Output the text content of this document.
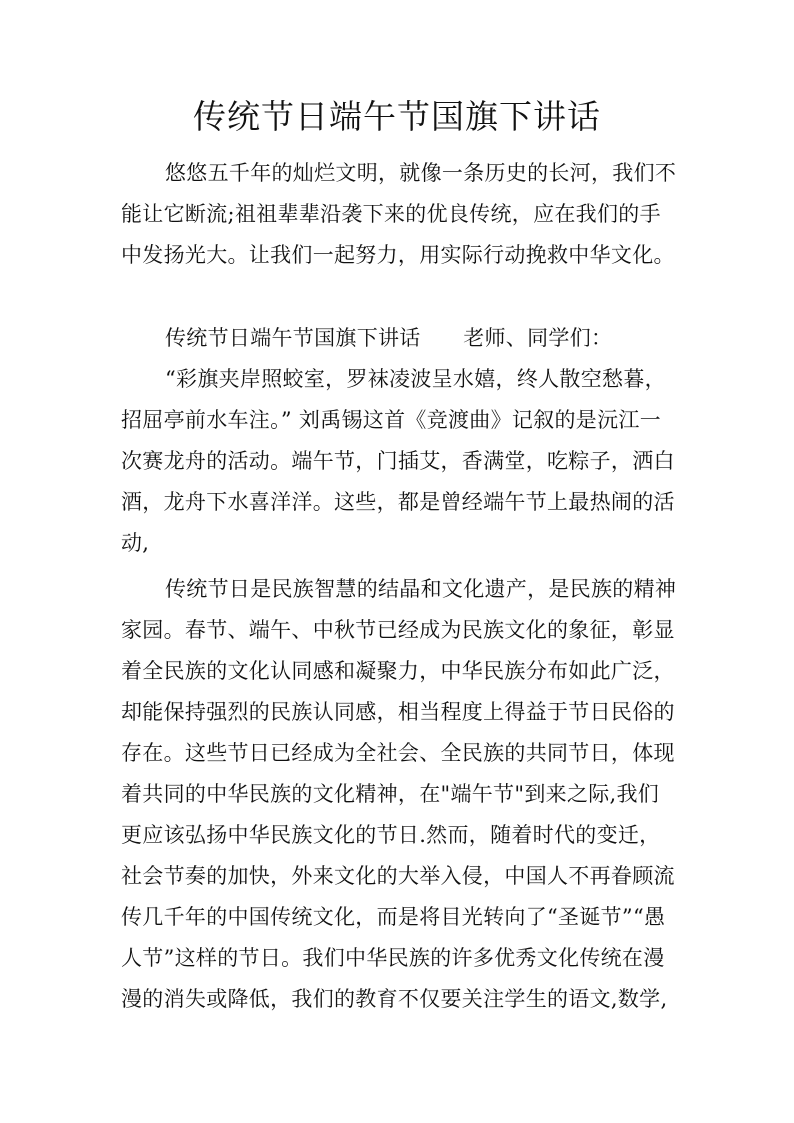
传统节日端午节国旗下讲话
悠悠五千年的灿烂文明，就像一条历史的长河，我们不
能让它断流;祖祖辈辈沿袭下来的优良传统，应在我们的手
中发扬光大。让我们一起努力，用实际行动挽救中华文化。
传统节日端午节国旗下讲话　　老师、同学们：
“彩旗夹岸照蛟室，罗袜凌波呈水嬉，终人散空愁暮，
招屈亭前水车注。” 刘禹锡这首《竞渡曲》记叙的是沅江一
次赛龙舟的活动。端午节，门插艾，香满堂，吃粽子，洒白
酒，龙舟下水喜洋洋。这些，都是曾经端午节上最热闹的活
动,
传统节日是民族智慧的结晶和文化遗产，是民族的精神
家园。春节、端午、中秋节已经成为民族文化的象征，彰显
着全民族的文化认同感和凝聚力，中华民族分布如此广泛，
却能保持强烈的民族认同感，相当程度上得益于节日民俗的
存在。这些节日已经成为全社会、全民族的共同节日，体现
着共同的中华民族的文化精神，在"端午节"到来之际,我们
更应该弘扬中华民族文化的节日.然而，随着时代的变迁，
社会节奏的加快，外来文化的大举入侵，中国人不再眷顾流
传几千年的中国传统文化，而是将目光转向了“圣诞节”“愚
人节”这样的节日。我们中华民族的许多优秀文化传统在漫
漫的消失或降低，我们的教育不仅要关注学生的语文,数学,
